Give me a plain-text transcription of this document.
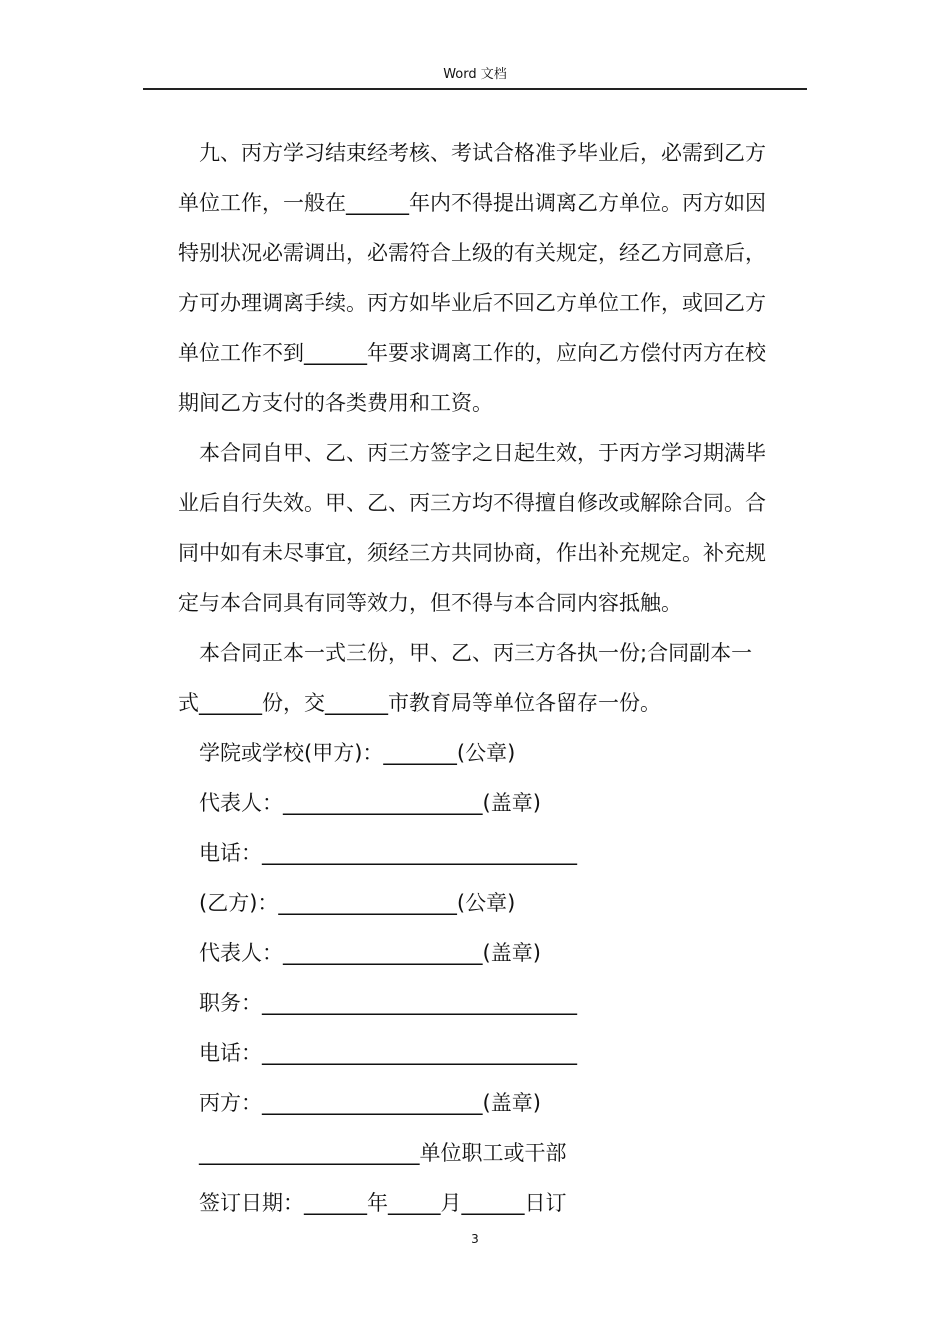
Word 文档

　九、丙方学习结束经考核、考试合格准予毕业后，必需到乙方

单位工作，一般在______年内不得提出调离乙方单位。丙方如因

特别状况必需调出，必需符合上级的有关规定，经乙方同意后，

方可办理调离手续。丙方如毕业后不回乙方单位工作，或回乙方

单位工作不到______年要求调离工作的，应向乙方偿付丙方在校

期间乙方支付的各类费用和工资。

　本合同自甲、乙、丙三方签字之日起生效，于丙方学习期满毕

业后自行失效。甲、乙、丙三方均不得擅自修改或解除合同。合

同中如有未尽事宜，须经三方共同协商，作出补充规定。补充规

定与本合同具有同等效力，但不得与本合同内容抵触。

　本合同正本一式三份，甲、乙、丙三方各执一份;合同副本一

式______份，交______市教育局等单位各留存一份。

　学院或学校(甲方)：_______(公章)

　代表人：___________________(盖章)

　电话：______________________________

　(乙方)：_________________(公章)

　代表人：___________________(盖章)

　职务：______________________________

　电话：______________________________

　丙方：_____________________(盖章)

　_____________________单位职工或干部

　签订日期：______年_____月______日订

3
